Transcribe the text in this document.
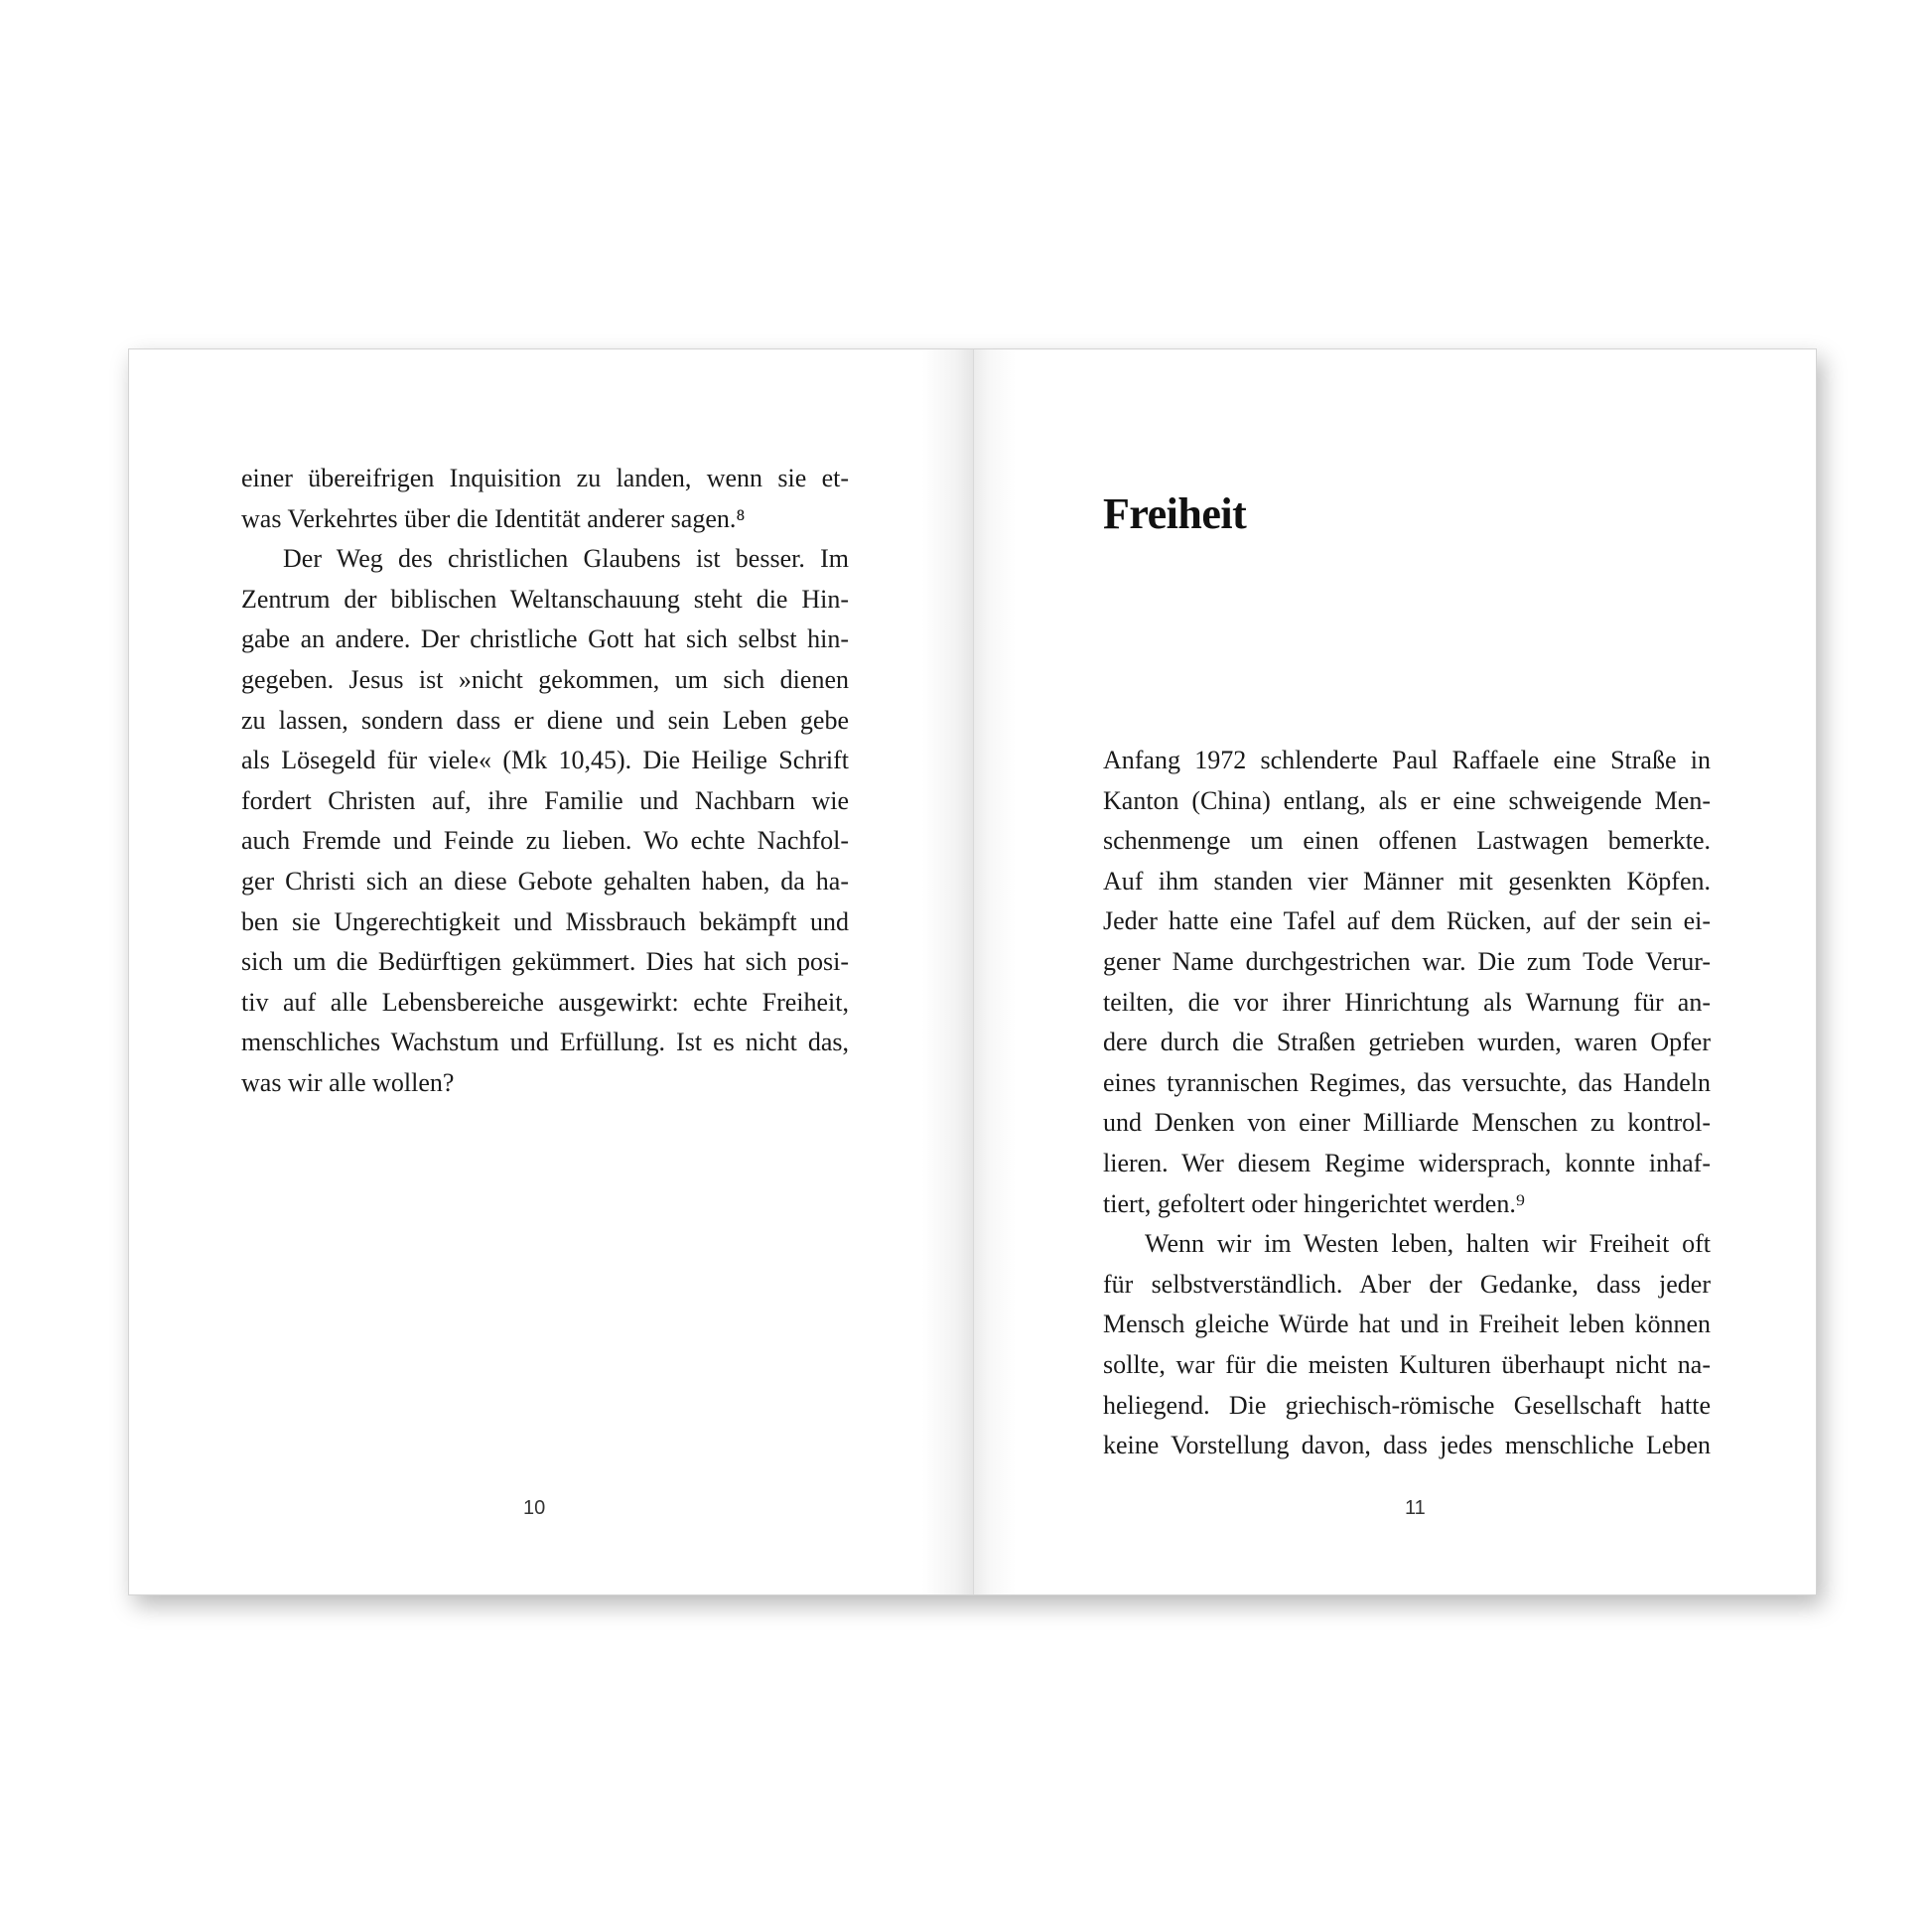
einer übereifrigen Inquisition zu landen, wenn sie et-
was Verkehrtes über die Identität anderer sagen.⁸
Der Weg des christlichen Glaubens ist besser. Im
Zentrum der biblischen Weltanschauung steht die Hin-
gabe an andere. Der christliche Gott hat sich selbst hin-
gegeben. Jesus ist »nicht gekommen, um sich dienen
zu lassen, sondern dass er diene und sein Leben gebe
als Lösegeld für viele« (Mk 10,45). Die Heilige Schrift
fordert Christen auf, ihre Familie und Nachbarn wie
auch Fremde und Feinde zu lieben. Wo echte Nachfol-
ger Christi sich an diese Gebote gehalten haben, da ha-
ben sie Ungerechtigkeit und Missbrauch bekämpft und
sich um die Bedürftigen gekümmert. Dies hat sich posi-
tiv auf alle Lebensbereiche ausgewirkt: echte Freiheit,
menschliches Wachstum und Erfüllung. Ist es nicht das,
was wir alle wollen?
10
Freiheit
Anfang 1972 schlenderte Paul Raffaele eine Straße in
Kanton (China) entlang, als er eine schweigende Men-
schenmenge um einen offenen Lastwagen bemerkte.
Auf ihm standen vier Männer mit gesenkten Köpfen.
Jeder hatte eine Tafel auf dem Rücken, auf der sein ei-
gener Name durchgestrichen war. Die zum Tode Verur-
teilten, die vor ihrer Hinrichtung als Warnung für an-
dere durch die Straßen getrieben wurden, waren Opfer
eines tyrannischen Regimes, das versuchte, das Handeln
und Denken von einer Milliarde Menschen zu kontrol-
lieren. Wer diesem Regime widersprach, konnte inhaf-
tiert, gefoltert oder hingerichtet werden.⁹
Wenn wir im Westen leben, halten wir Freiheit oft
für selbstverständlich. Aber der Gedanke, dass jeder
Mensch gleiche Würde hat und in Freiheit leben können
sollte, war für die meisten Kulturen überhaupt nicht na-
heliegend. Die griechisch-römische Gesellschaft hatte
keine Vorstellung davon, dass jedes menschliche Leben
11
